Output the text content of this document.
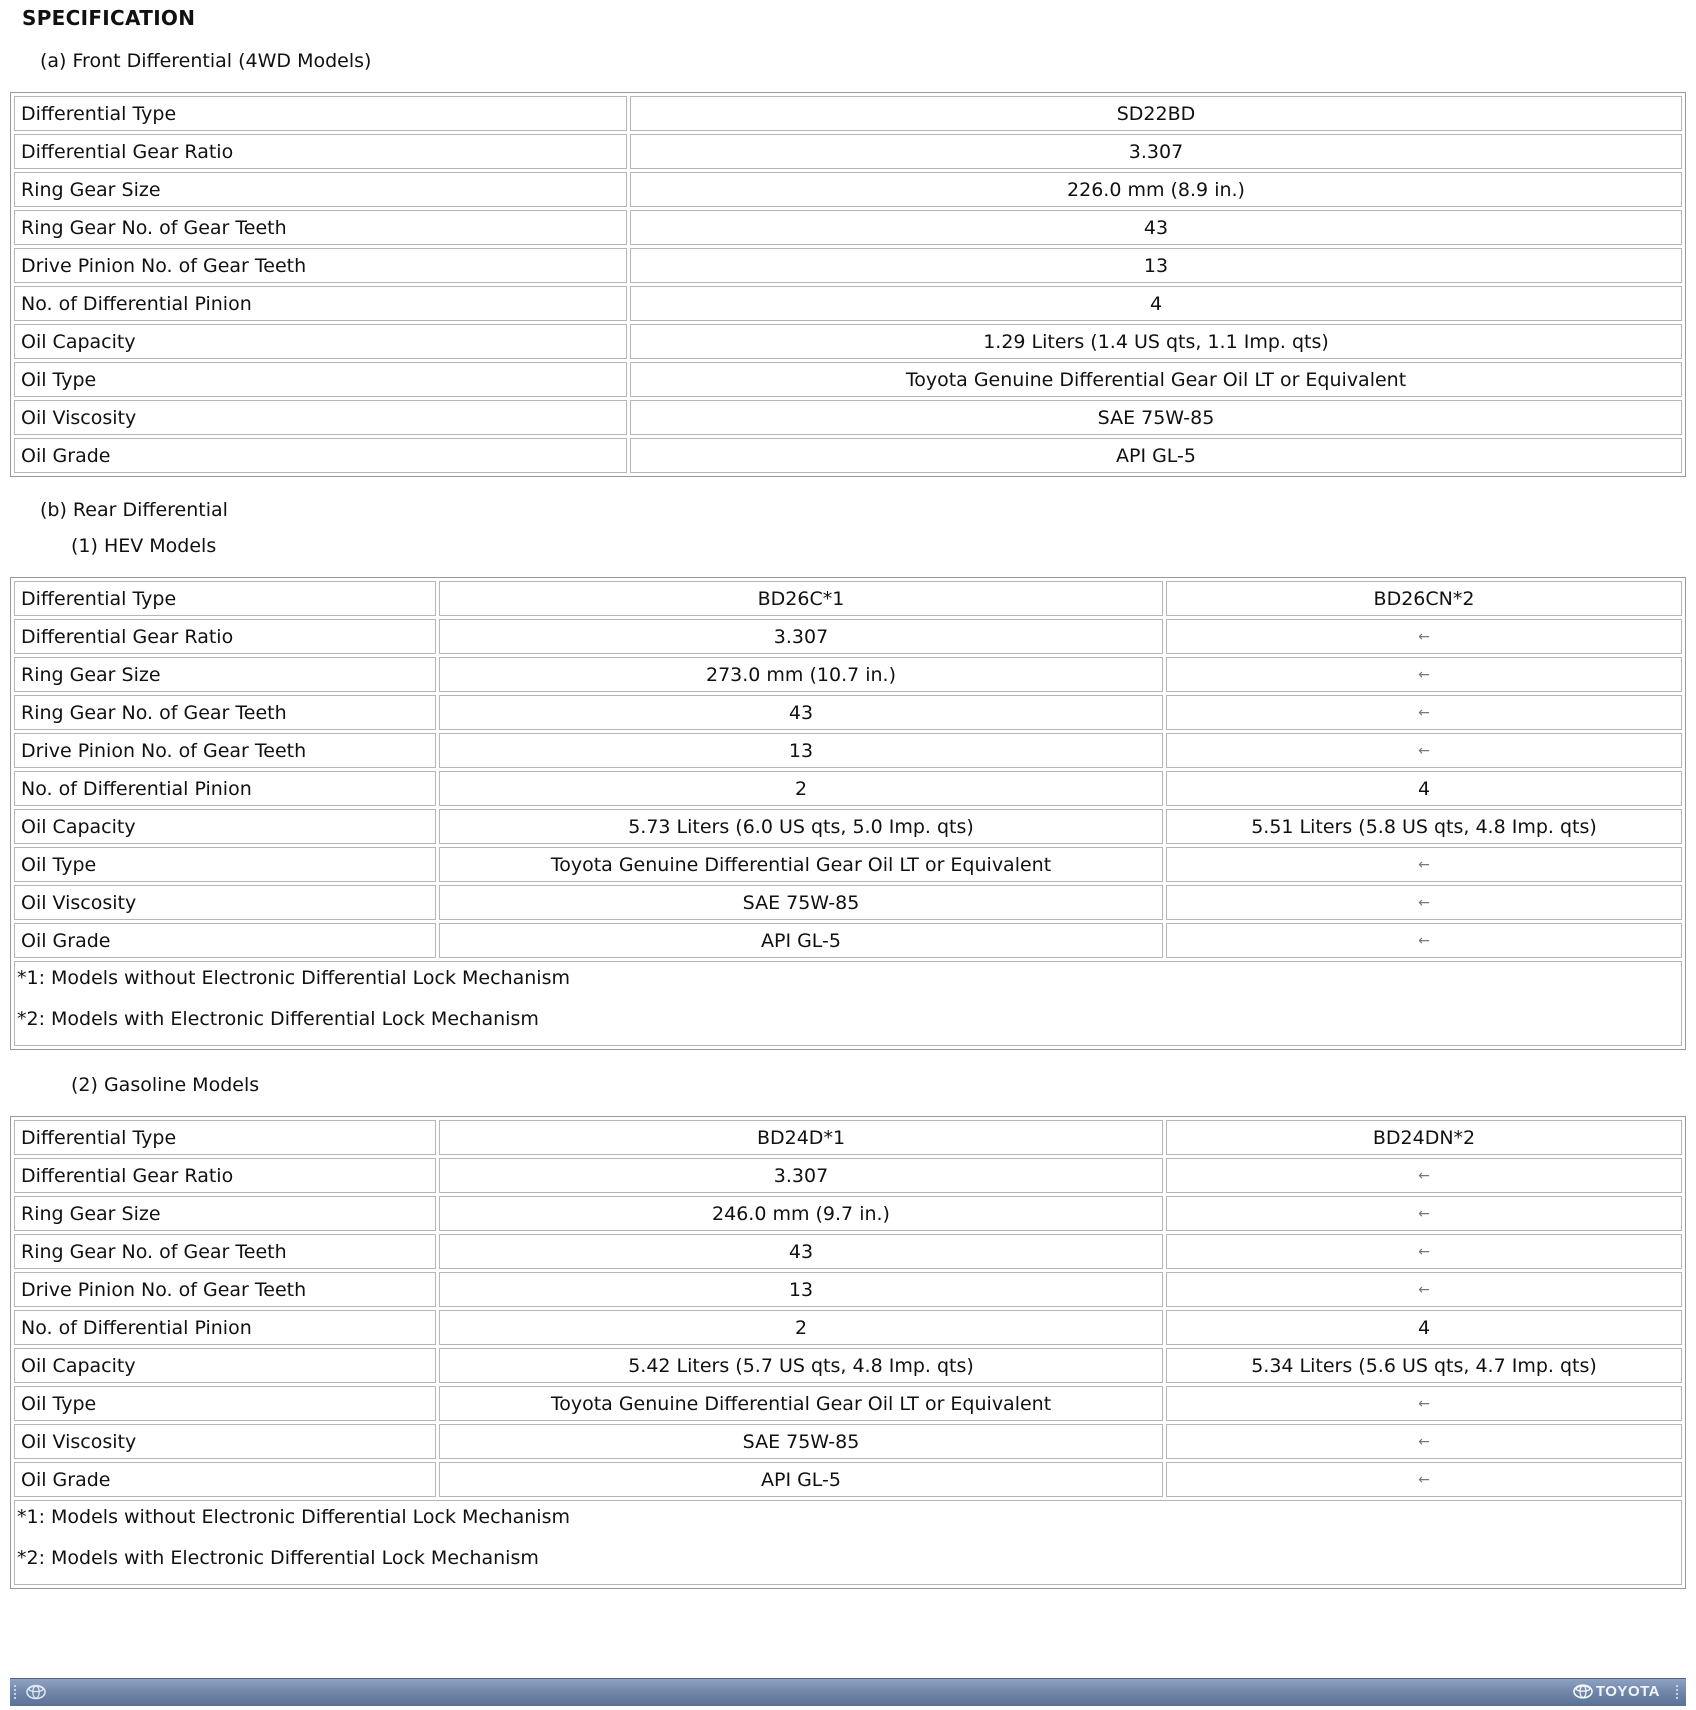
SPECIFICATION
(a) Front Differential (4WD Models)
Differential Type	SD22BD
Differential Gear Ratio	3.307
Ring Gear Size	226.0 mm (8.9 in.)
Ring Gear No. of Gear Teeth	43
Drive Pinion No. of Gear Teeth	13
No. of Differential Pinion	4
Oil Capacity	1.29 Liters (1.4 US qts, 1.1 Imp. qts)
Oil Type	Toyota Genuine Differential Gear Oil LT or Equivalent
Oil Viscosity	SAE 75W-85
Oil Grade	API GL-5
(b) Rear Differential
(1) HEV Models
Differential Type	BD26C*1	BD26CN*2
Differential Gear Ratio	3.307	←
Ring Gear Size	273.0 mm (10.7 in.)	←
Ring Gear No. of Gear Teeth	43	←
Drive Pinion No. of Gear Teeth	13	←
No. of Differential Pinion	2	4
Oil Capacity	5.73 Liters (6.0 US qts, 5.0 Imp. qts)	5.51 Liters (5.8 US qts, 4.8 Imp. qts)
Oil Type	Toyota Genuine Differential Gear Oil LT or Equivalent	←
Oil Viscosity	SAE 75W-85	←
Oil Grade	API GL-5	←

*1: Models without Electronic Differential Lock Mechanism
*2: Models with Electronic Differential Lock Mechanism		
(2) Gasoline Models
Differential Type	BD24D*1	BD24DN*2
Differential Gear Ratio	3.307	←
Ring Gear Size	246.0 mm (9.7 in.)	←
Ring Gear No. of Gear Teeth	43	←
Drive Pinion No. of Gear Teeth	13	←
No. of Differential Pinion	2	4
Oil Capacity	5.42 Liters (5.7 US qts, 4.8 Imp. qts)	5.34 Liters (5.6 US qts, 4.7 Imp. qts)
Oil Type	Toyota Genuine Differential Gear Oil LT or Equivalent	←
Oil Viscosity	SAE 75W-85	←
Oil Grade	API GL-5	←

*1: Models without Electronic Differential Lock Mechanism
*2: Models with Electronic Differential Lock Mechanism		
TOYOTA
